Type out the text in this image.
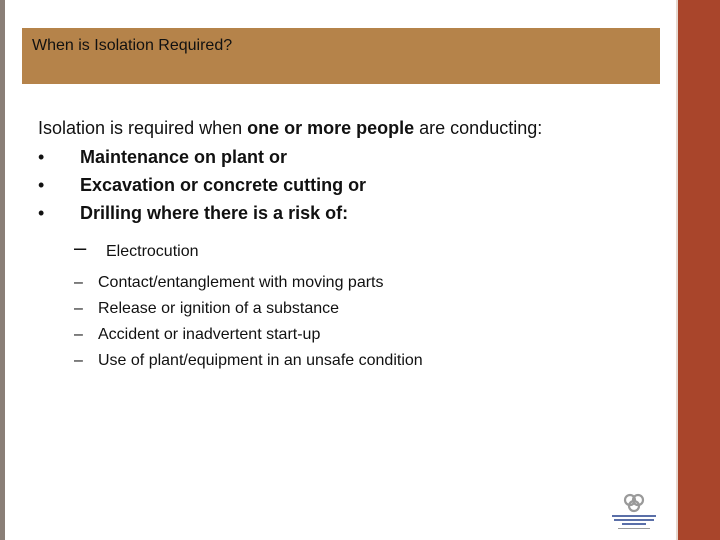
When is Isolation Required?
Isolation is required when one or more people are conducting:
• Maintenance on plant or
• Excavation or concrete cutting or
• Drilling where there is a risk of:
– Electrocution
– Contact/entanglement with moving parts
– Release or ignition of a substance
– Accident or inadvertent start-up
– Use of plant/equipment in an unsafe condition
